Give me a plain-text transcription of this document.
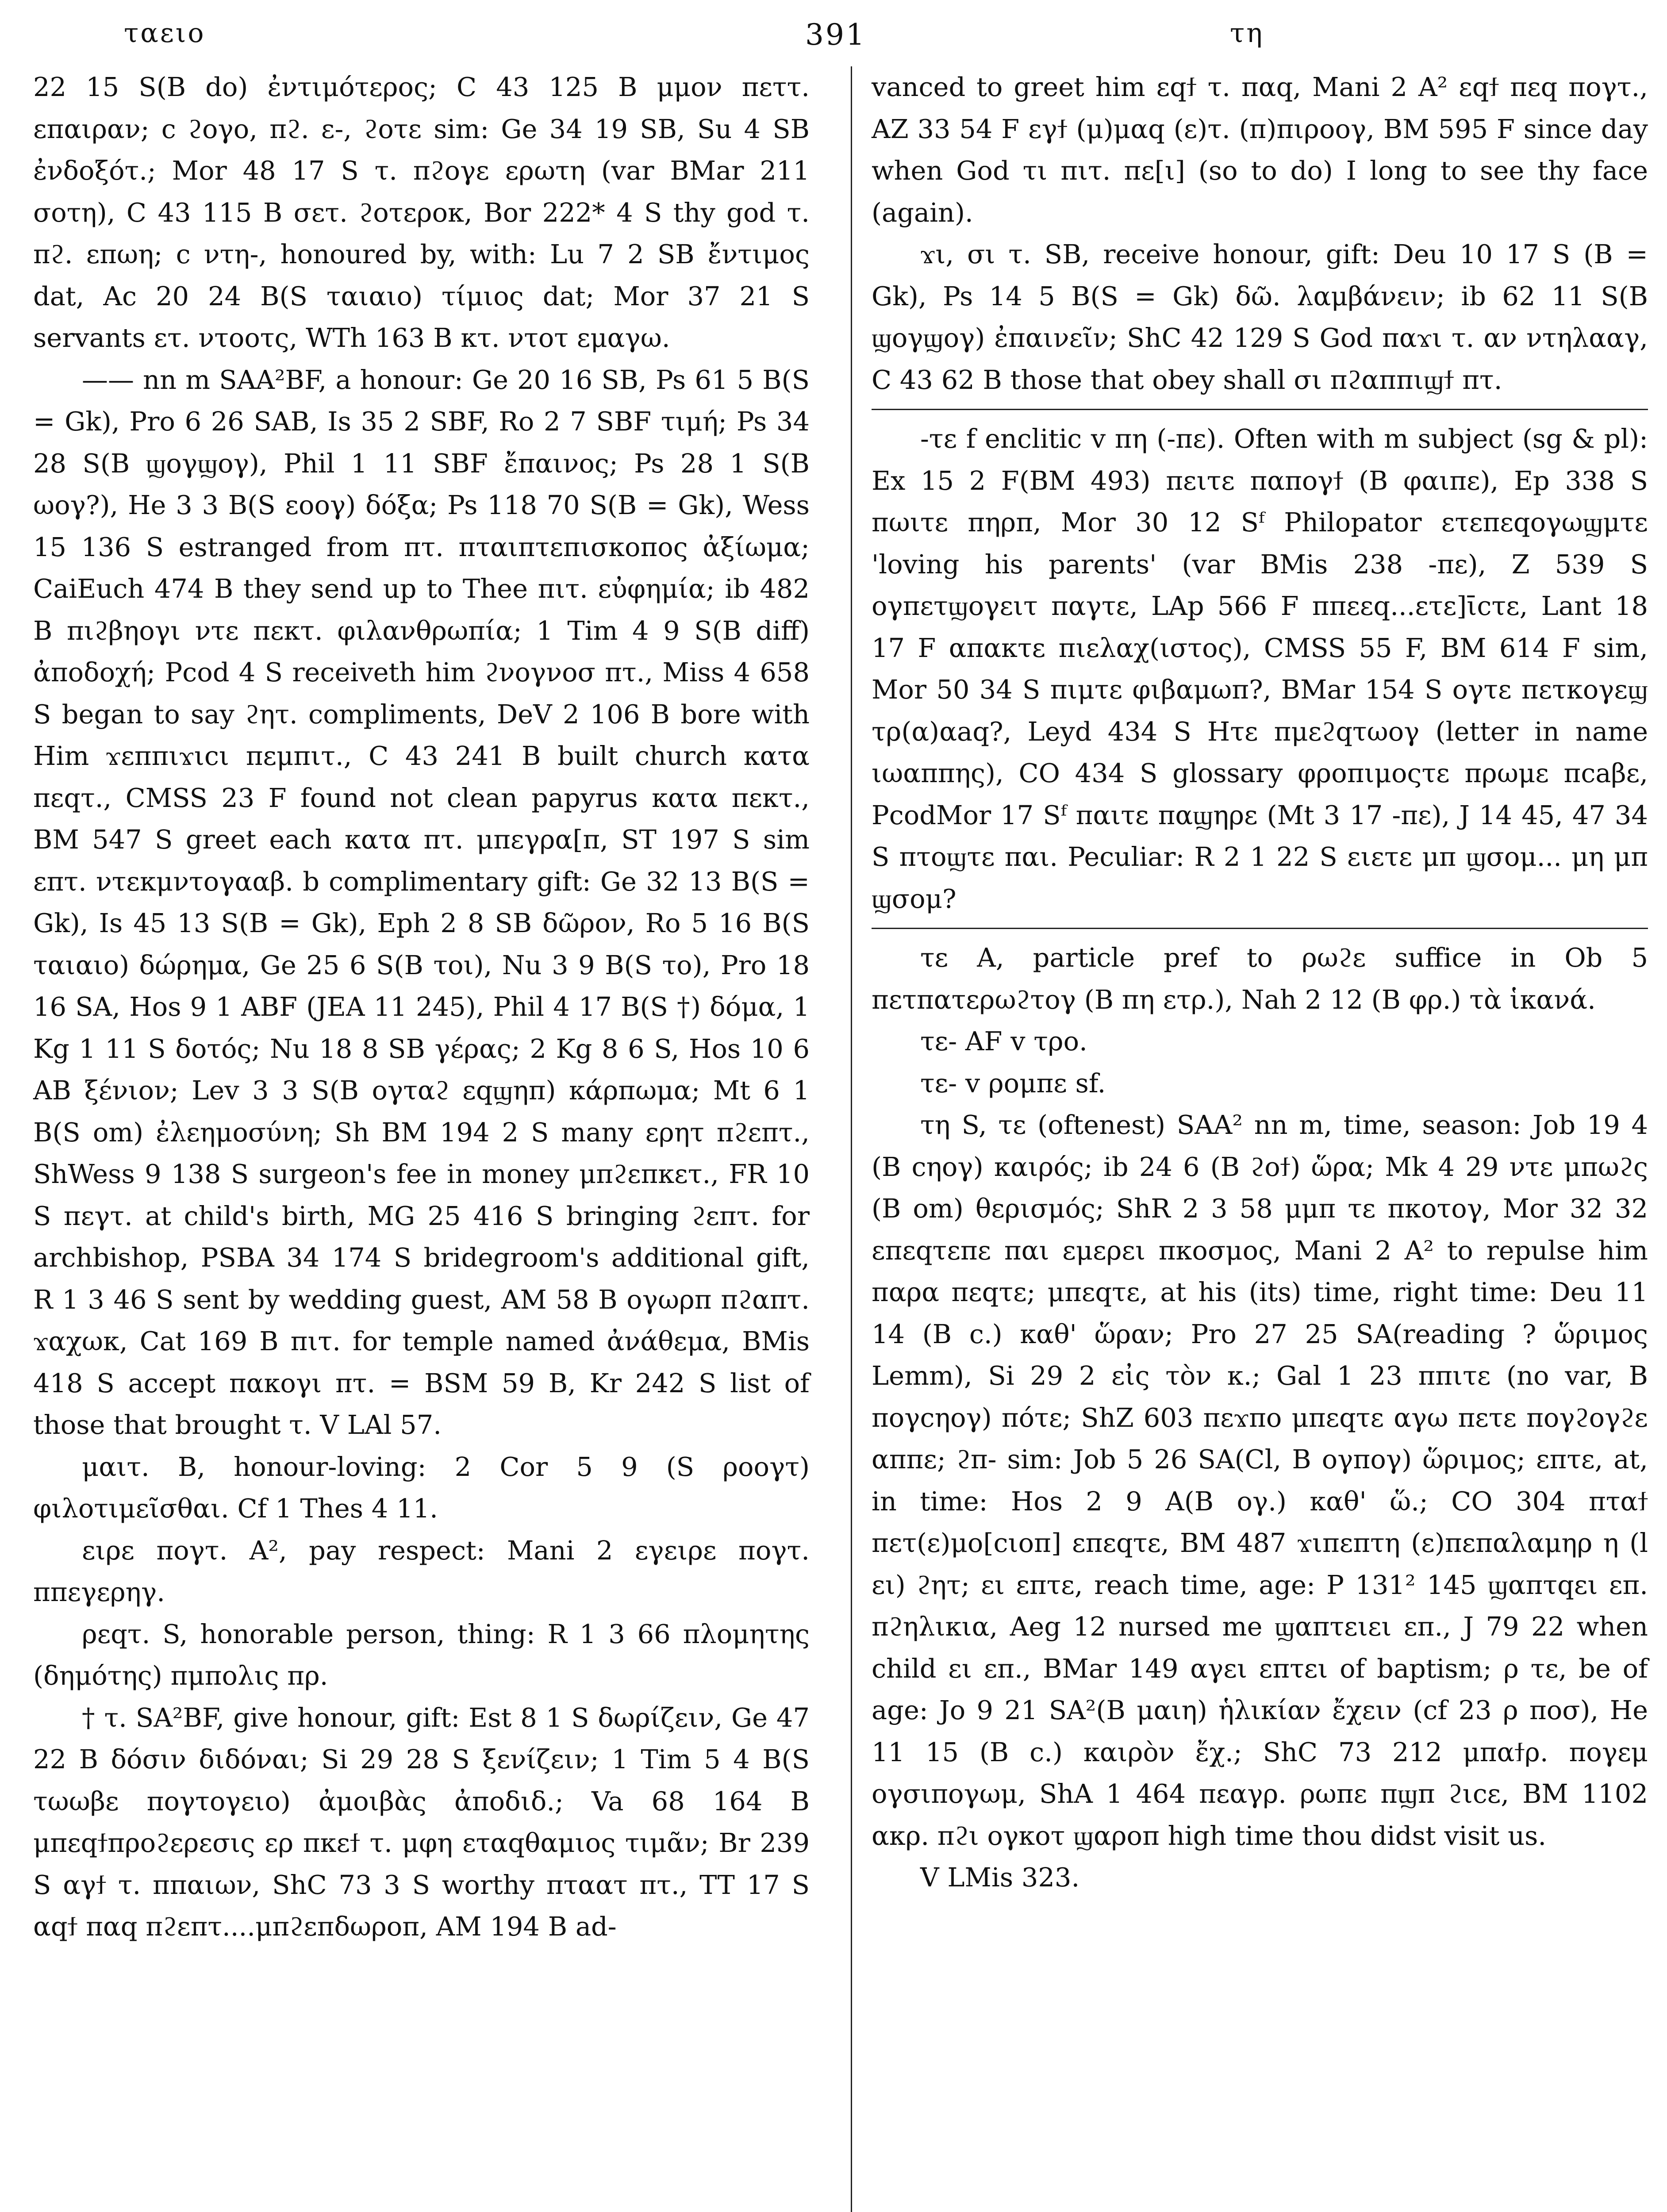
ταειο	391	τη

22 15 S(B do) ἐντιμότερος; C 43 125 B μμον πεττ. επαιραν; c ϩογο, πϩ. ε-, ϩοτε sim: Ge 34 19 SB, Su 4 SB ἐνδοξότ.; Mor 48 17 S τ. πϩογε ερωτη (var BMar 211 σοτη), C 43 115 B σετ. ϩοτεροκ, Bor 222* 4 S thy god τ. πϩ. επωη; c ντη-, honoured by, with: Lu 7 2 SB ἔντιμος dat, Ac 20 24 B(S ταιαιο) τίμιος dat; Mor 37 21 S servants ετ. ντοοτς, WTh 163 B κτ. ντοτ εμαγω.

—— nn m SAA²BF, a honour: Ge 20 16 SB, Ps 61 5 B(S = Gk), Pro 6 26 SAB, Is 35 2 SBF, Ro 2 7 SBF τιμή; Ps 34 28 S(B ϣογϣογ), Phil 1 11 SBF ἔπαινος; Ps 28 1 S(B ωογ?), He 3 3 B(S εοογ) δόξα; Ps 118 70 S(B = Gk), Wess 15 136 S estranged from πτ. πταιπτεπισκοπος ἀξίωμα; CaiEuch 474 B they send up to Thee πιτ. εὐφημία; ib 482 B πιϩβηογι ντε πεκτ. φιλανθρωπία; 1 Tim 4 9 S(B diff) ἀποδοχή; Pcod 4 S receiveth him ϩνογνοσ πτ., Miss 4 658 S began to say ϩητ. compliments, DeV 2 106 B bore with Him ϫεππιϫιϲι πεμπιτ., C 43 241 B built church κατα πεqτ., CMSS 23 F found not clean papyrus κατα πεκτ., BM 547 S greet each κατα πτ. μπεγρα[π, ST 197 S sim επτ. ντεκμντογααβ. b complimentary gift: Ge 32 13 B(S = Gk), Is 45 13 S(B = Gk), Eph 2 8 SB δῶρον, Ro 5 16 B(S ταιαιο) δώρημα, Ge 25 6 S(B τοι), Nu 3 9 B(S το), Pro 18 16 SA, Hos 9 1 ABF (JEA 11 245), Phil 4 17 B(S †) δόμα, 1 Kg 1 11 S δοτός; Nu 18 8 SB γέρας; 2 Kg 8 6 S, Hos 10 6 AB ξένιον; Lev 3 3 S(B ογταϩ εqϣηπ) κάρπωμα; Mt 6 1 B(S om) ἐλεημοσύνη; Sh BM 194 2 S many ερητ πϩεπτ., ShWess 9 138 S surgeon's fee in money μπϩεπκετ., FR 10 S πεγτ. at child's birth, MG 25 416 S bringing ϩεπτ. for archbishop, PSBA 34 174 S bridegroom's additional gift, R 1 3 46 S sent by wedding guest, AM 58 B ογωρπ πϩαπτ. ϫαχωκ, Cat 169 B πιτ. for temple named ἀνάθεμα, BMis 418 S accept πακογι πτ. = BSM 59 B, Kr 242 S list of those that brought τ. V LAl 57.

μαιτ. B, honour-loving: 2 Cor 5 9 (S ροογτ) φιλοτιμεῖσθαι. Cf 1 Thes 4 11.

ειρε πογτ. A², pay respect: Mani 2 εγειρε πογτ. ππεγερηγ.

ρεqτ. S, honorable person, thing: R 1 3 66 πλομητης (δημότης) πμπολις πρ.

† τ. SA²BF, give honour, gift: Est 8 1 S δωρίζειν, Ge 47 22 B δόσιν διδόναι; Si 29 28 S ξενίζειν; 1 Tim 5 4 B(S τωωβε πογτογειο) ἀμοιβὰς ἀποδιδ.; Va 68 164 B μπεqϯπροϩερεσις ερ πκεϯ τ. μφη εταqθαμιος τιμᾶν; Br 239 S αγϯ τ. ππαιων, ShC 73 3 S worthy πταατ πτ., TT 17 S αqϯ παq πϩεπτ....μπϩεπδωροπ, AM 194 B ad-

vanced to greet him εqϯ τ. παq, Mani 2 A² εqϯ πεq πογτ., AZ 33 54 F εγϯ (μ)μαq (ε)τ. (π)πιροογ, BM 595 F since day when God τι πιτ. πε[ι] (so to do) I long to see thy face (again).

ϫι, σι τ. SB, receive honour, gift: Deu 10 17 S (B = Gk), Ps 14 5 B(S = Gk) δῶ. λαμβάνειν; ib 62 11 S(B ϣογϣογ) ἐπαινεῖν; ShC 42 129 S God παϫι τ. αν ντηλααγ, C 43 62 B those that obey shall σι πϩαππιϣϯ πτ.

-τε f enclitic v πη (-πε). Often with m subject (sg & pl): Ex 15 2 F(BM 493) πειτε παπογϯ (B φαιπε), Ep 338 S πωιτε πηρπ, Mor 30 12 Sᶠ Philopator ετεπεqογωϣμτε 'loving his parents' (var BMis 238 -πε), Z 539 S ογπετϣογειτ παγτε, LAp 566 F ππεεq...ετε]ῑcτε, Lant 18 17 F απακτε πιελαχ(ιστος), CMSS 55 F, BM 614 F sim, Mor 50 34 S πιμτε φιβαμωπ?, BMar 154 S ογτε πετκογεϣ τρ(α)αaq?, Leyd 434 S Ητε πμεϩqτωογ (letter in name ιωαππης), CO 434 S glossary φροπιμοςτε πρωμε πcaβε, PcodMor 17 Sᶠ παιτε παϣηρε (Mt 3 17 -πε), J 14 45, 47 34 S πτοϣτε παι. Peculiar: R 2 1 22 S ειετε μπ ϣσομ... μη μπ ϣσομ?

τε A, particle pref to ρωϩε suffice in Ob 5 πετπατερωϩτογ (B πη ετρ.), Nah 2 12 (B φρ.) τὰ ἱκανά.

τε- AF v τρο.

τε- v ρομπε sf.

τη S, τε (oftenest) SAA² nn m, time, season: Job 19 4 (B cηογ) καιρός; ib 24 6 (B ϩοϯ) ὥρα; Mk 4 29 ντε μπωϩς (B om) θερισμός; ShR 2 3 58 μμπ τε πκοτογ, Mor 32 32 επεqτεπε παι εμερει πκοσμος, Mani 2 A² to repulse him παρα πεqτε; μπεqτε, at his (its) time, right time: Deu 11 14 (B c.) καθ' ὥραν; Pro 27 25 SA(reading ? ὥριμος Lemm), Si 29 2 εἰς τὸν κ.; Gal 1 23 ππιτε (no var, B πογcηογ) πότε; ShZ 603 πεϫπο μπεqτε αγω πετε πογϩογϩε αππε; ϩπ- sim: Job 5 26 SA(Cl, B ογπογ) ὥριμος; επτε, at, in time: Hos 2 9 A(B ογ.) καθ' ὥ.; CO 304 πταϯ πετ(ε)μο[cιοπ] επεqτε, BM 487 ϫιπεπτη (ε)πεπαλαμηρ η (l ει) ϩητ; ει επτε, reach time, age: P 131² 145 ϣαπτqει επ. πϩηλικια, Aeg 12 nursed me ϣαπτειει επ., J 79 22 when child ει επ., BMar 149 αγει επτει of baptism; ρ τε, be of age: Jo 9 21 SA²(B μαιη) ἡλικίαν ἔχειν (cf 23 ρ ποσ), He 11 15 (B c.) καιρὸν ἔχ.; ShC 73 212 μπαϯρ. πογεμ ογσιπογωμ, ShA 1 464 πεαγρ. ρωπε πϣπ ϩιcε, BM 1102 ακρ. πϩι ογκοτ ϣαροπ high time thou didst visit us.

V LMis 323.
